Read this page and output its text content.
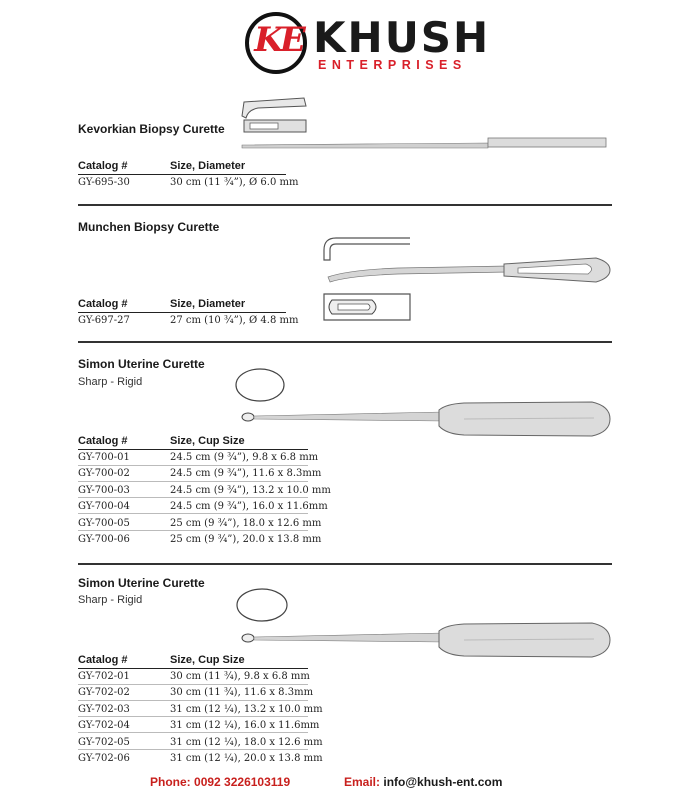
KE KHUSH
ENTERPRISES
Kevorkian Biopsy Curette
Catalog #	Size, Diameter
GY-695-30	30 cm (11 ¾”), Ø 6.0 mm
Munchen Biopsy Curette
Catalog #	Size, Diameter
GY-697-27	27 cm (10 ¾”), Ø 4.8 mm
Simon Uterine Curette
Sharp - Rigid
Catalog #	Size, Cup Size
GY-700-01	24.5 cm (9 ¾”), 9.8 x 6.8 mm
GY-700-02	24.5 cm (9 ¾”), 11.6 x 8.3mm
GY-700-03	24.5 cm (9 ¾”), 13.2 x 10.0 mm
GY-700-04	24.5 cm (9 ¾”), 16.0 x 11.6mm
GY-700-05	25 cm (9 ¾”), 18.0 x 12.6 mm
GY-700-06	25 cm (9 ¾”), 20.0 x 13.8 mm
Simon Uterine Curette
Sharp - Rigid
Catalog #	Size, Cup Size
GY-702-01	30 cm (11 ¾), 9.8 x 6.8 mm
GY-702-02	30 cm (11 ¾), 11.6 x 8.3mm
GY-702-03	31 cm (12 ¼), 13.2 x 10.0 mm
GY-702-04	31 cm (12 ¼), 16.0 x 11.6mm
GY-702-05	31 cm (12 ¼), 18.0 x 12.6 mm
GY-702-06	31 cm (12 ¼), 20.0 x 13.8 mm
Phone: 0092 3226103119	Email: info@khush-ent.com
